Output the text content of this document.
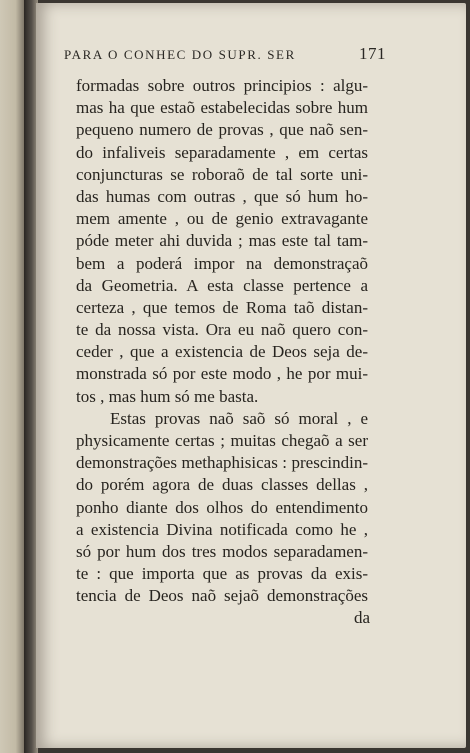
PARA O CONHEC DO SUPR. SER	171
formadas sobre outros principios : algu-
mas ha que estaõ estabelecidas sobre hum
pequeno numero de provas , que naõ sen-
do infaliveis separadamente , em certas
conjuncturas se roboraõ de tal sorte uni-
das humas com outras , que só hum ho-
mem amente , ou de genio extravagante
póde meter ahi duvida ; mas este tal tam-
bem a poderá impor na demonstraçaõ
da Geometria. A esta classe pertence a
certeza , que temos de Roma taõ distan-
te da nossa vista. Ora eu naõ quero con-
ceder , que a existencia de Deos seja de-
monstrada só por este modo , he por mui-
tos , mas hum só me basta.
Estas provas naõ saõ só moral , e
physicamente certas ; muitas chegaõ a ser
demonstrações methaphisicas : prescindin-
do porém agora de duas classes dellas ,
ponho diante dos olhos do entendimento
a existencia Divina notificada como he ,
só por hum dos tres modos separadamen-
te : que importa que as provas da exis-
tencia de Deos naõ sejaõ demonstrações
da
